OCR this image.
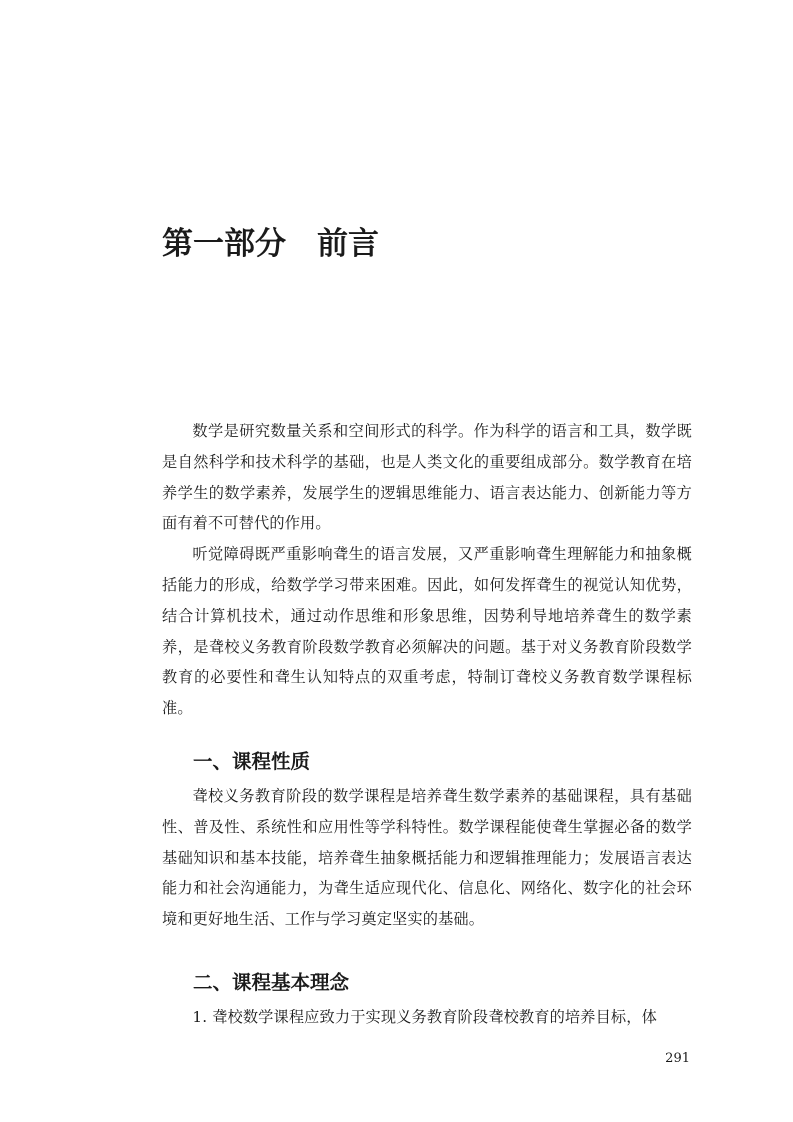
第一部分　前言

数学是研究数量关系和空间形式的科学。作为科学的语言和工具，数学既是自然科学和技术科学的基础，也是人类文化的重要组成部分。数学教育在培养学生的数学素养，发展学生的逻辑思维能力、语言表达能力、创新能力等方面有着不可替代的作用。

听觉障碍既严重影响聋生的语言发展，又严重影响聋生理解能力和抽象概括能力的形成，给数学学习带来困难。因此，如何发挥聋生的视觉认知优势，结合计算机技术，通过动作思维和形象思维，因势利导地培养聋生的数学素养，是聋校义务教育阶段数学教育必须解决的问题。基于对义务教育阶段数学教育的必要性和聋生认知特点的双重考虑，特制订聋校义务教育数学课程标准。

一、课程性质

聋校义务教育阶段的数学课程是培养聋生数学素养的基础课程，具有基础性、普及性、系统性和应用性等学科特性。数学课程能使聋生掌握必备的数学基础知识和基本技能，培养聋生抽象概括能力和逻辑推理能力；发展语言表达能力和社会沟通能力，为聋生适应现代化、信息化、网络化、数字化的社会环境和更好地生活、工作与学习奠定坚实的基础。

二、课程基本理念

1. 聋校数学课程应致力于实现义务教育阶段聋校教育的培养目标，体

291
